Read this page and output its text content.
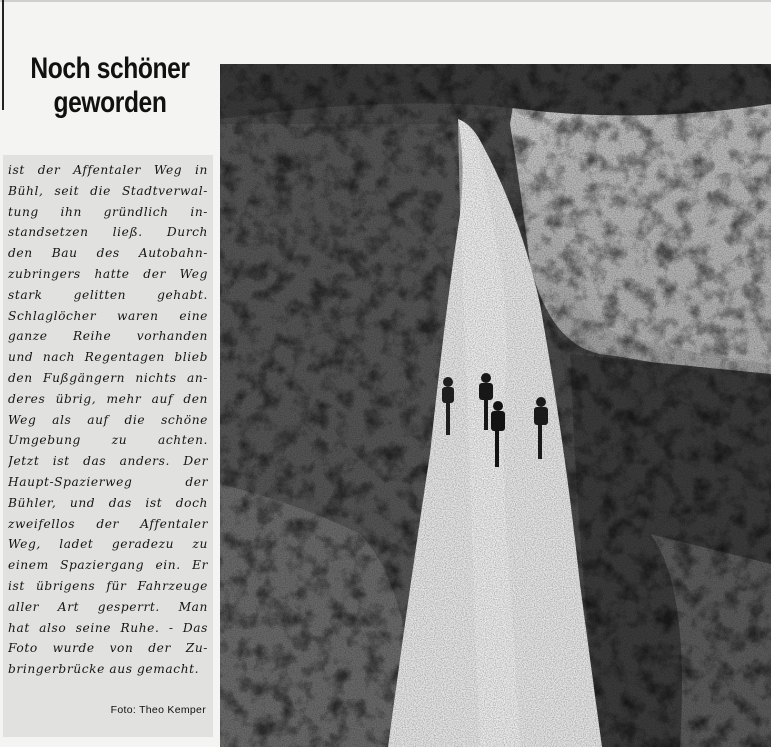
Noch schöner
geworden
ist der Affentaler Weg in
Bühl, seit die Stadtverwal-
tung ihn gründlich in-
standsetzen ließ. Durch
den Bau des Autobahn-
zubringers hatte der Weg
stark gelitten gehabt.
Schlaglöcher waren eine
ganze Reihe vorhanden
und nach Regentagen blieb
den Fußgängern nichts an-
deres übrig, mehr auf den
Weg als auf die schöne
Umgebung zu achten.
Jetzt ist das anders. Der
Haupt-Spazierweg der
Bühler, und das ist doch
zweifellos der Affentaler
Weg, ladet geradezu zu
einem Spaziergang ein. Er
ist übrigens für Fahrzeuge
aller Art gesperrt. Man
hat also seine Ruhe. - Das
Foto wurde von der Zu-
bringerbrücke aus gemacht.
Foto: Theo Kemper
